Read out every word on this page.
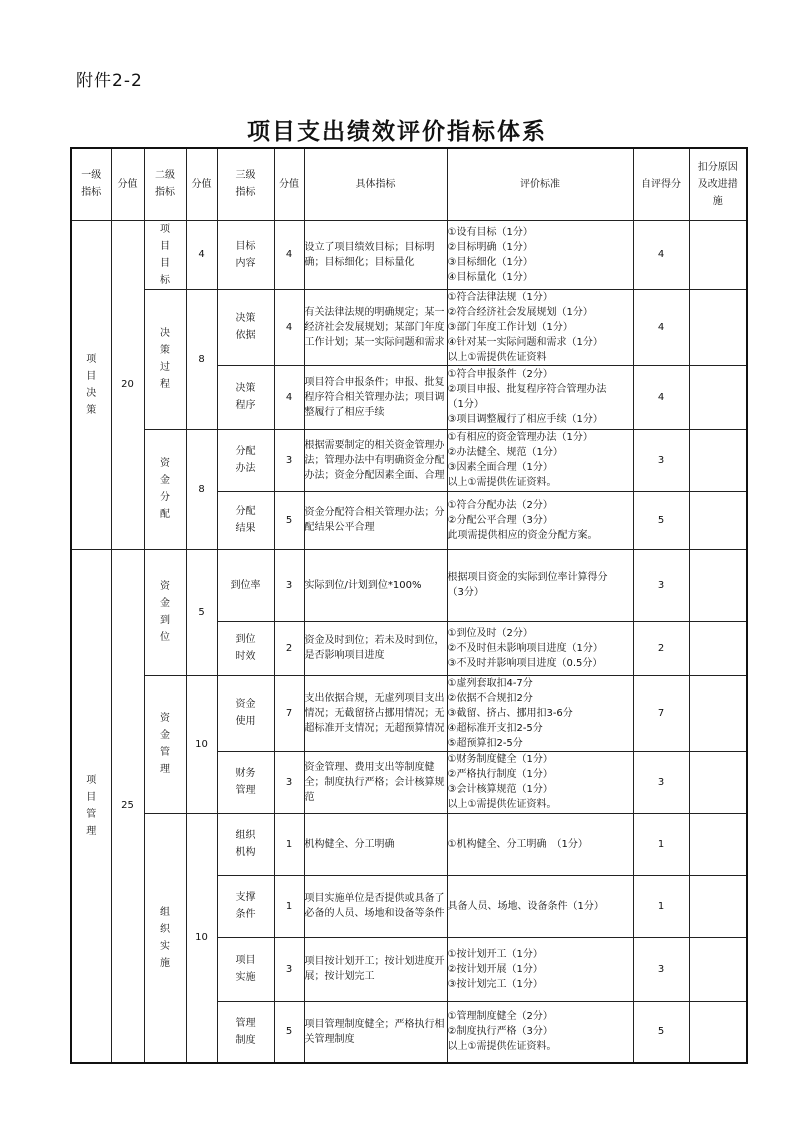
附件2-2
项目支出绩效评价指标体系
一级指标	分值	二级指标	分值	三级指标	分值	具体指标	评价标准	自评得分	扣分原因及改进措施
项目决策	20	项目目标	4	目标内容	4	设立了项目绩效目标；目标明确；目标细化；目标量化	①设有目标（1分）
②目标明确（1分）
③目标细化（1分）
④目标量化（1分）	4	
		决策过程	8	决策依据	4	有关法律法规的明确规定；某一经济社会发展规划；某部门年度工作计划；某一实际问题和需求	①符合法律法规（1分）
②符合经济社会发展规划（1分）
③部门年度工作计划（1分）
④针对某一实际问题和需求（1分）
以上①需提供佐证资料	4	
				决策程序	4	项目符合申报条件；申报、批复程序符合相关管理办法；项目调整履行了相应手续	①符合申报条件（2分）
②项目申报、批复程序符合管理办法
（1分）
③项目调整履行了相应手续（1分）	4	
		资金分配	8	分配办法	3	根据需要制定的相关资金管理办法；管理办法中有明确资金分配办法；资金分配因素全面、合理	①有相应的资金管理办法（1分）
②办法健全、规范（1分）
③因素全面合理（1分）
以上①需提供佐证资料。	3	
				分配结果	5	资金分配符合相关管理办法；分配结果公平合理	①符合分配办法（2分）
②分配公平合理（3分）
此项需提供相应的资金分配方案。	5	
项目管理	25	资金到位	5	到位率	3	实际到位/计划到位*100%	根据项目资金的实际到位率计算得分
（3分）	3	
				到位时效	2	资金及时到位；若未及时到位，是否影响项目进度	①到位及时（2分）
②不及时但未影响项目进度（1分）
③不及时并影响项目进度（0.5分）	2	
		资金管理	10	资金使用	7	支出依据合规，无虚列项目支出情况；无截留挤占挪用情况；无超标准开支情况；无超预算情况	①虚列套取扣4-7分
②依据不合规扣2分
③截留、挤占、挪用扣3-6分
④超标准开支扣2-5分
⑤超预算扣2-5分	7	
				财务管理	3	资金管理、费用支出等制度健全；制度执行严格；会计核算规范	①财务制度健全（1分）
②严格执行制度（1分）
③会计核算规范（1分）
以上①需提供佐证资料。	3	
		组织实施	10	组织机构	1	机构健全、分工明确	①机构健全、分工明确　（1分）	1	
				支撑条件	1	项目实施单位是否提供或具备了必备的人员、场地和设备等条件	具备人员、场地、设备条件（1分）	1	
				项目实施	3	项目按计划开工；按计划进度开展；按计划完工	①按计划开工（1分）
②按计划开展（1分）
③按计划完工（1分）	3	
				管理制度	5	项目管理制度健全；严格执行相关管理制度	①管理制度健全（2分）
②制度执行严格（3分）
以上①需提供佐证资料。	5	
